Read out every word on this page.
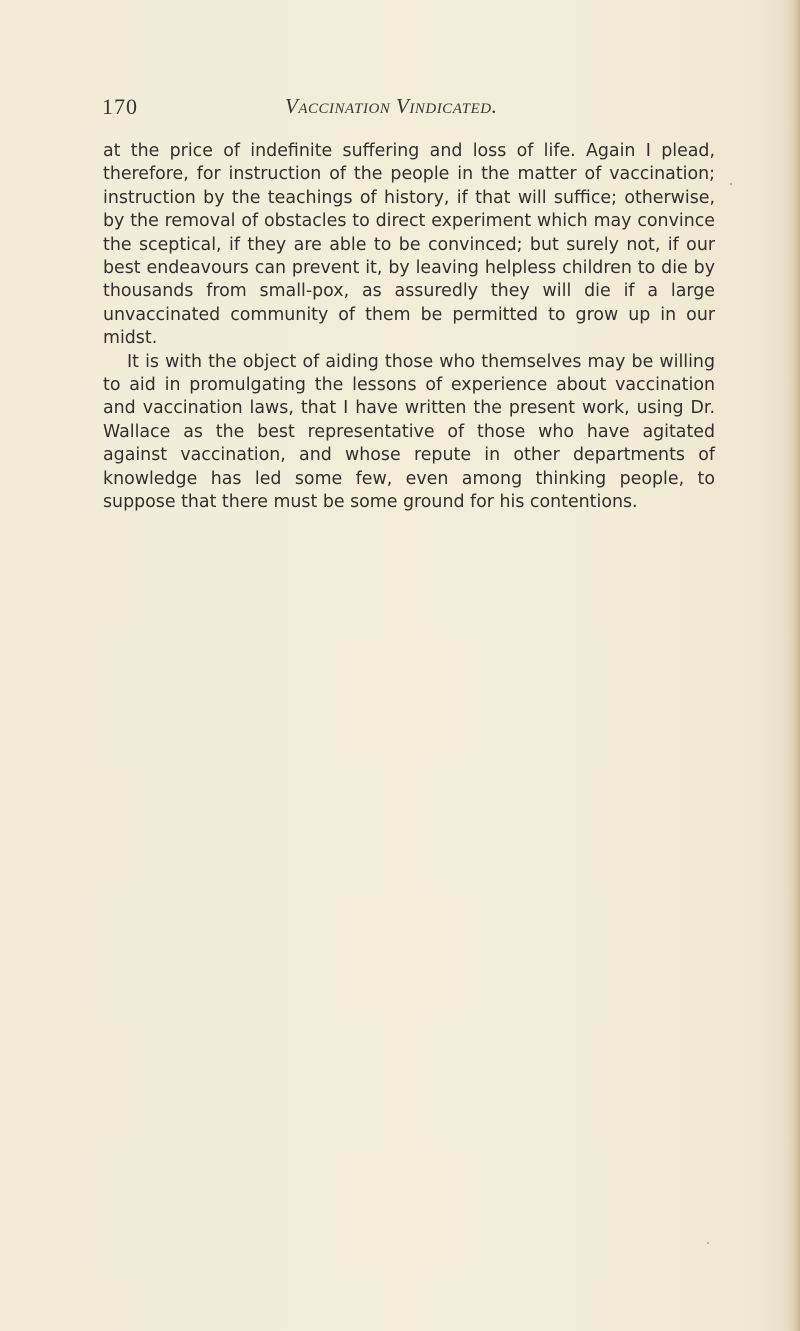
170	Vaccination Vindicated.

at the price of indefinite suffering and loss of life. Again I plead, therefore, for instruction of the people in the matter of vaccination; instruction by the teachings of history, if that will suffice; otherwise, by the removal of obstacles to direct experiment which may convince the sceptical, if they are able to be convinced; but surely not, if our best endeavours can prevent it, by leaving helpless children to die by thousands from small-pox, as assuredly they will die if a large unvaccinated community of them be permitted to grow up in our midst.

It is with the object of aiding those who themselves may be willing to aid in promulgating the lessons of experience about vaccination and vaccination laws, that I have written the present work, using Dr. Wallace as the best representative of those who have agitated against vaccination, and whose repute in other departments of knowledge has led some few, even among thinking people, to suppose that there must be some ground for his contentions.
